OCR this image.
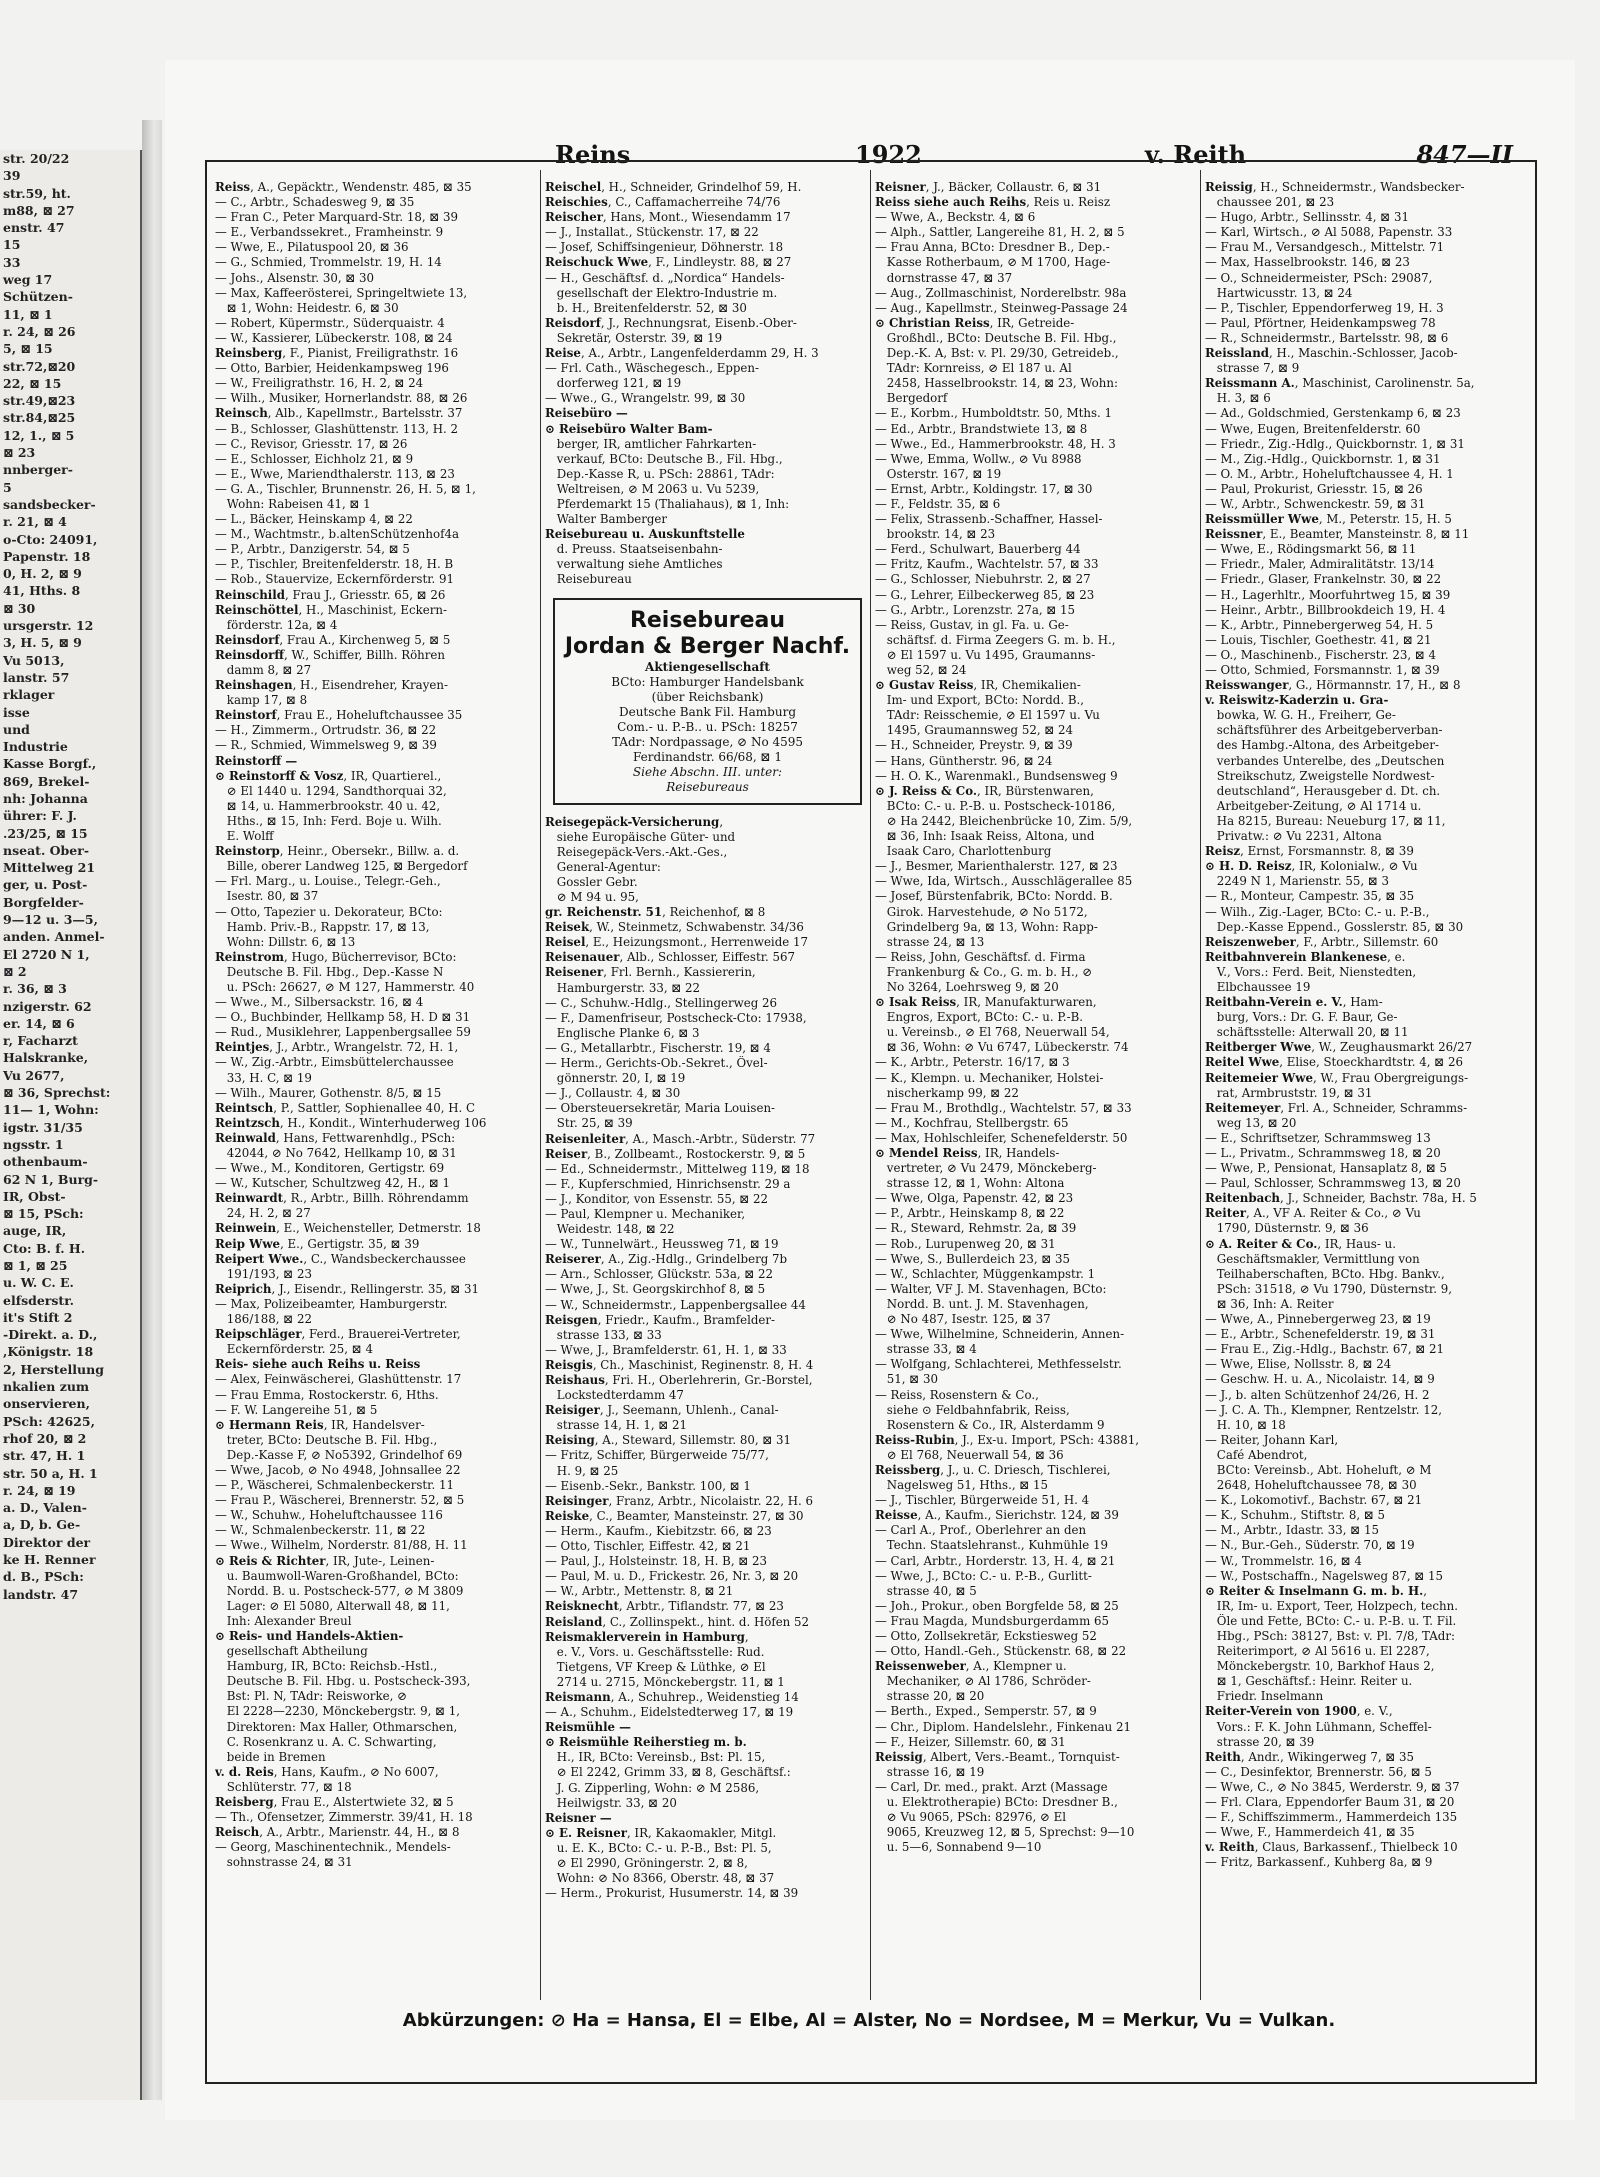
str. 20/22
39
str.59, ht.
m88, ⊠ 27
enstr. 47
15
33
weg 17
Schützen-
11, ⊠ 1
r. 24, ⊠ 26
5, ⊠ 15
str.72,⊠20
22, ⊠ 15
str.49,⊠23
str.84,⊠25
12, 1., ⊠ 5
⊠ 23
nnberger-
5
sandsbecker-
r. 21, ⊠ 4
o-Cto: 24091,
Papenstr. 18
0, H. 2, ⊠ 9
41, Hths. 8
⊠ 30
ursgerstr. 12
3, H. 5, ⊠ 9
Vu 5013,
lanstr. 57
rklager
isse
und
Industrie
Kasse Borgf.,
869, Brekel-
nh: Johanna
ührer: F. J.
.23/25, ⊠ 15
nseat. Ober-
Mittelweg 21
ger, u. Post-
Borgfelder-
9—12 u. 3—5,
anden. Anmel-
El 2720 N 1,
⊠ 2
r. 36, ⊠ 3
nzigerstr. 62
er. 14, ⊠ 6
r, Facharzt
Halskranke,
Vu 2677,
⊠ 36, Sprechst:
11— 1, Wohn:
igstr. 31/35
ngsstr. 1
othenbaum-
62 N 1, Burg-
IR, Obst-
⊠ 15, PSch:
auge, IR,
Cto: B. f. H.
⊠ 1, ⊠ 25
u. W. C. E.
elfsderstr.
it's Stift 2
-Direkt. a. D.,
,Königstr. 18
2, Herstellung
nkalien zum
onservieren,
PSch: 42625,
rhof 20, ⊠ 2
str. 47, H. 1
str. 50 a, H. 1
r. 24, ⊠ 19
a. D., Valen-
a, D, b. Ge-
Direktor der
ke H. Renner
d. B., PSch:
landstr. 47
Reins	1922	v. Reith	847—II

Reiss, A., Gepäcktr., Wendenstr. 485, ⊠ 35

— C., Arbtr., Schadesweg 9, ⊠ 35

— Fran C., Peter Marquard-Str. 18, ⊠ 39

— E., Verbandssekret., Framheinstr. 9

— Wwe, E., Pilatuspool 20, ⊠ 36

— G., Schmied, Trommelstr. 19, H. 14

— Johs., Alsenstr. 30, ⊠ 30

— Max, Kaffeerösterei, Springeltwiete 13,

 ⊠ 1, Wohn: Heidestr. 6, ⊠ 30

— Robert, Küpermstr., Süderquaistr. 4

— W., Kassierer, Lübeckerstr. 108, ⊠ 24

Reinsberg, F., Pianist, Freiligrathstr. 16

— Otto, Barbier, Heidenkampsweg 196

— W., Freiligrathstr. 16, H. 2, ⊠ 24

— Wilh., Musiker, Hornerlandstr. 88, ⊠ 26

Reinsch, Alb., Kapellmstr., Bartelsstr. 37

— B., Schlosser, Glashüttenstr. 113, H. 2

— C., Revisor, Griesstr. 17, ⊠ 26

— E., Schlosser, Eichholz 21, ⊠ 9

— E., Wwe, Mariendthalerstr. 113, ⊠ 23

— G. A., Tischler, Brunnenstr. 26, H. 5, ⊠ 1,

 Wohn: Rabeisen 41, ⊠ 1

— L., Bäcker, Heinskamp 4, ⊠ 22

— M., Wachtmstr., b.altenSchützenhof4a

— P., Arbtr., Danzigerstr. 54, ⊠ 5

— P., Tischler, Breitenfelderstr. 18, H. B

— Rob., Stauervize, Eckernförderstr. 91

Reinschild, Frau J., Griesstr. 65, ⊠ 26

Reinschöttel, H., Maschinist, Eckern-

 förderstr. 12a, ⊠ 4

Reinsdorf, Frau A., Kirchenweg 5, ⊠ 5

Reinsdorff, W., Schiffer, Billh. Röhren

 damm 8, ⊠ 27

Reinshagen, H., Eisendreher, Krayen-

 kamp 17, ⊠ 8

Reinstorf, Frau E., Hoheluftchaussee 35

— H., Zimmerm., Ortrudstr. 36, ⊠ 22

— R., Schmied, Wimmelsweg 9, ⊠ 39

Reinstorff —

⊙ Reinstorff & Vosz, IR, Quartierel.,

 ⊘ El 1440 u. 1294, Sandthorquai 32,

 ⊠ 14, u. Hammerbrookstr. 40 u. 42,

 Hths., ⊠ 15, Inh: Ferd. Boje u. Wilh.

 E. Wolff

Reinstorp, Heinr., Obersekr., Billw. a. d.

 Bille, oberer Landweg 125, ⊠ Bergedorf

— Frl. Marg., u. Louise., Telegr.-Geh.,

 Isestr. 80, ⊠ 37

— Otto, Tapezier u. Dekorateur, BCto:

 Hamb. Priv.-B., Rappstr. 17, ⊠ 13,

 Wohn: Dillstr. 6, ⊠ 13

Reinstrom, Hugo, Bücherrevisor, BCto:

 Deutsche B. Fil. Hbg., Dep.-Kasse N

 u. PSch: 26627, ⊘ M 127, Hammerstr. 40

— Wwe., M., Silbersackstr. 16, ⊠ 4

— O., Buchbinder, Hellkamp 58, H. D ⊠ 31

— Rud., Musiklehrer, Lappenbergsallee 59

Reintjes, J., Arbtr., Wrangelstr. 72, H. 1,

— W., Zig.-Arbtr., Eimsbüttelerchaussee

 33, H. C, ⊠ 19

— Wilh., Maurer, Gothenstr. 8/5, ⊠ 15

Reintsch, P., Sattler, Sophienallee 40, H. C

Reintzsch, H., Kondit., Winterhuderweg 106

Reinwald, Hans, Fettwarenhdlg., PSch:

 42044, ⊘ No 7642, Hellkamp 10, ⊠ 31

— Wwe., M., Konditoren, Gertigstr. 69

— W., Kutscher, Schultzweg 42, H., ⊠ 1

Reinwardt, R., Arbtr., Billh. Röhrendamm

 24, H. 2, ⊠ 27

Reinwein, E., Weichensteller, Detmerstr. 18

Reip Wwe, E., Gertigstr. 35, ⊠ 39

Reipert Wwe., C., Wandsbeckerchaussee

 191/193, ⊠ 23

Reiprich, J., Eisendr., Rellingerstr. 35, ⊠ 31

— Max, Polizeibeamter, Hamburgerstr.

 186/188, ⊠ 22

Reipschläger, Ferd., Brauerei-Vertreter,

 Eckernförderstr. 25, ⊠ 4

Reis- siehe auch Reihs u. Reiss

— Alex, Feinwäscherei, Glashüttenstr. 17

— Frau Emma, Rostockerstr. 6, Hths.

— F. W. Langereihe 51, ⊠ 5

⊙ Hermann Reis, IR, Handelsver-

 treter, BCto: Deutsche B. Fil. Hbg.,

 Dep.-Kasse F, ⊘ No5392, Grindelhof 69

— Wwe, Jacob, ⊘ No 4948, Johnsallee 22

— P., Wäscherei, Schmalenbeckerstr. 11

— Frau P., Wäscherei, Brennerstr. 52, ⊠ 5

— W., Schuhw., Hoheluftchaussee 116

— W., Schmalenbeckerstr. 11, ⊠ 22

— Wwe., Wilhelm, Norderstr. 81/88, H. 11

⊙ Reis & Richter, IR, Jute-, Leinen-

 u. Baumwoll-Waren-Großhandel, BCto:

 Nordd. B. u. Postscheck-577, ⊘ M 3809

 Lager: ⊘ El 5080, Alterwall 48, ⊠ 11,

 Inh: Alexander Breul

⊙ Reis- und Handels-Aktien-

 gesellschaft Abtheilung

 Hamburg, IR, BCto: Reichsb.-Hstl.,

 Deutsche B. Fil. Hbg. u. Postscheck-393,

 Bst: Pl. N, TAdr: Reisworke, ⊘

 El 2228—2230, Mönckebergstr. 9, ⊠ 1,

 Direktoren: Max Haller, Othmarschen,

 C. Rosenkranz u. A. C. Schwarting,

 beide in Bremen

v. d. Reis, Hans, Kaufm., ⊘ No 6007,

 Schlüterstr. 77, ⊠ 18

Reisberg, Frau E., Alstertwiete 32, ⊠ 5

— Th., Ofensetzer, Zimmerstr. 39/41, H. 18

Reisch, A., Arbtr., Marienstr. 44, H., ⊠ 8

— Georg, Maschinentechnik., Mendels-

 sohnstrasse 24, ⊠ 31

Reischel, H., Schneider, Grindelhof 59, H.

Reischies, C., Caffamacherreihe 74/76

Reischer, Hans, Mont., Wiesendamm 17

— J., Installat., Stückenstr. 17, ⊠ 22

— Josef, Schiffsingenieur, Döhnerstr. 18

Reischuck Wwe, F., Lindleystr. 88, ⊠ 27

— H., Geschäftsf. d. „Nordica“ Handels-

 gesellschaft der Elektro-Industrie m.

 b. H., Breitenfelderstr. 52, ⊠ 30

Reisdorf, J., Rechnungsrat, Eisenb.-Ober-

 Sekretär, Osterstr. 39, ⊠ 19

Reise, A., Arbtr., Langenfelderdamm 29, H. 3

— Frl. Cath., Wäschegesch., Eppen-

 dorferweg 121, ⊠ 19

— Wwe., G., Wrangelstr. 99, ⊠ 30

Reisebüro —

⊙ Reisebüro Walter Bam-

 berger, IR, amtlicher Fahrkarten-

 verkauf, BCto: Deutsche B., Fil. Hbg.,

 Dep.-Kasse R, u. PSch: 28861, TAdr:

 Weltreisen, ⊘ M 2063 u. Vu 5239,

 Pferdemarkt 15 (Thaliahaus), ⊠ 1, Inh:

 Walter Bamberger

Reisebureau u. Auskunftstelle

 d. Preuss. Staatseisenbahn-

 verwaltung siehe Amtliches

 Reisebureau

Reisebureau
Jordan & Berger Nachf.
Aktiengesellschaft
BCto: Hamburger Handelsbank
(über Reichsbank)
Deutsche Bank Fil. Hamburg
Com.- u. P.-B.. u. PSch: 18257
TAdr: Nordpassage, ⊘ No 4595
Ferdinandstr. 66/68, ⊠ 1
Siehe Abschn. III. unter:
Reisebureaus

Reisegepäck-Versicherung,

 siehe Europäische Güter- und

 Reisegepäck-Vers.-Akt.-Ges.,

 General-Agentur:

 Gossler Gebr.

 ⊘ M 94 u. 95,

gr. Reichenstr. 51, Reichenhof, ⊠ 8

Reisek, W., Steinmetz, Schwabenstr. 34/36

Reisel, E., Heizungsmont., Herrenweide 17

Reisenauer, Alb., Schlosser, Eiffestr. 567

Reisener, Frl. Bernh., Kassiererin,

 Hamburgerstr. 33, ⊠ 22

— C., Schuhw.-Hdlg., Stellingerweg 26

— F., Damenfriseur, Postscheck-Cto: 17938,

 Englische Planke 6, ⊠ 3

— G., Metallarbtr., Fischerstr. 19, ⊠ 4

— Herm., Gerichts-Ob.-Sekret., Övel-

 gönnerstr. 20, I, ⊠ 19

— J., Collaustr. 4, ⊠ 30

— Obersteuersekretär, Maria Louisen-

 Str. 25, ⊠ 39

Reisenleiter, A., Masch.-Arbtr., Süderstr. 77

Reiser, B., Zollbeamt., Rostockerstr. 9, ⊠ 5

— Ed., Schneidermstr., Mittelweg 119, ⊠ 18

— F., Kupferschmied, Hinrichsenstr. 29 a

— J., Konditor, von Essenstr. 55, ⊠ 22

— Paul, Klempner u. Mechaniker,

 Weidestr. 148, ⊠ 22

— W., Tunnelwärt., Heussweg 71, ⊠ 19

Reiserer, A., Zig.-Hdlg., Grindelberg 7b

— Arn., Schlosser, Glückstr. 53a, ⊠ 22

— Wwe, J., St. Georgskirchhof 8, ⊠ 5

— W., Schneidermstr., Lappenbergsallee 44

Reisgen, Friedr., Kaufm., Bramfelder-

 strasse 133, ⊠ 33

— Wwe, J., Bramfelderstr. 61, H. 1, ⊠ 33

Reisgis, Ch., Maschinist, Reginenstr. 8, H. 4

Reishaus, Fri. H., Oberlehrerin, Gr.-Borstel,

 Lockstedterdamm 47

Reisiger, J., Seemann, Uhlenh., Canal-

 strasse 14, H. 1, ⊠ 21

Reising, A., Steward, Sillemstr. 80, ⊠ 31

— Fritz, Schiffer, Bürgerweide 75/77,

 H. 9, ⊠ 25

— Eisenb.-Sekr., Bankstr. 100, ⊠ 1

Reisinger, Franz, Arbtr., Nicolaistr. 22, H. 6

Reiske, C., Beamter, Mansteinstr. 27, ⊠ 30

— Herm., Kaufm., Kiebitzstr. 66, ⊠ 23

— Otto, Tischler, Eiffestr. 42, ⊠ 21

— Paul, J., Holsteinstr. 18, H. B, ⊠ 23

— Paul, M. u. D., Frickestr. 26, Nr. 3, ⊠ 20

— W., Arbtr., Mettenstr. 8, ⊠ 21

Reisknecht, Arbtr., Tiflandstr. 77, ⊠ 23

Reisland, C., Zollinspekt., hint. d. Höfen 52

Reismaklerverein in Hamburg,

 e. V., Vors. u. Geschäftsstelle: Rud.

 Tietgens, VF Kreep & Lüthke, ⊘ El

 2714 u. 2715, Mönckebergstr. 11, ⊠ 1

Reismann, A., Schuhrep., Weidenstieg 14

— A., Schuhm., Eidelstedterweg 17, ⊠ 19

Reismühle —

⊙ Reismühle Reiherstieg m. b.

 H., IR, BCto: Vereinsb., Bst: Pl. 15,

 ⊘ El 2242, Grimm 33, ⊠ 8, Geschäftsf.:

 J. G. Zipperling, Wohn: ⊘ M 2586,

 Heilwigstr. 33, ⊠ 20

Reisner —

⊙ E. Reisner, IR, Kakaomakler, Mitgl.

 u. E. K., BCto: C.- u. P.-B., Bst: Pl. 5,

 ⊘ El 2990, Gröningerstr. 2, ⊠ 8,

 Wohn: ⊘ No 8366, Oberstr. 48, ⊠ 37

— Herm., Prokurist, Husumerstr. 14, ⊠ 39

Reisner, J., Bäcker, Collaustr. 6, ⊠ 31

Reiss siehe auch Reihs, Reis u. Reisz

— Wwe, A., Beckstr. 4, ⊠ 6

— Alph., Sattler, Langereihe 81, H. 2, ⊠ 5

— Frau Anna, BCto: Dresdner B., Dep.-

 Kasse Rotherbaum, ⊘ M 1700, Hage-

 dornstrasse 47, ⊠ 37

— Aug., Zollmaschinist, Norderelbstr. 98a

— Aug., Kapellmstr., Steinweg-Passage 24

⊙ Christian Reiss, IR, Getreide-

 Großhdl., BCto: Deutsche B. Fil. Hbg.,

 Dep.-K. A, Bst: v. Pl. 29/30, Getreideb.,

 TAdr: Kornreiss, ⊘ El 187 u. Al

 2458, Hasselbrookstr. 14, ⊠ 23, Wohn:

 Bergedorf

— E., Korbm., Humboldtstr. 50, Mths. 1

— Ed., Arbtr., Brandstwiete 13, ⊠ 8

— Wwe., Ed., Hammerbrookstr. 48, H. 3

— Wwe, Emma, Wollw., ⊘ Vu 8988

 Osterstr. 167, ⊠ 19

— Ernst, Arbtr., Koldingstr. 17, ⊠ 30

— F., Feldstr. 35, ⊠ 6

— Felix, Strassenb.-Schaffner, Hassel-

 brookstr. 14, ⊠ 23

— Ferd., Schulwart, Bauerberg 44

— Fritz, Kaufm., Wachtelstr. 57, ⊠ 33

— G., Schlosser, Niebuhrstr. 2, ⊠ 27

— G., Lehrer, Eilbeckerweg 85, ⊠ 23

— G., Arbtr., Lorenzstr. 27a, ⊠ 15

— Reiss, Gustav, in gl. Fa. u. Ge-

 schäftsf. d. Firma Zeegers G. m. b. H.,

 ⊘ El 1597 u. Vu 1495, Graumanns-

 weg 52, ⊠ 24

⊙ Gustav Reiss, IR, Chemikalien-

 Im- und Export, BCto: Nordd. B.,

 TAdr: Reisschemie, ⊘ El 1597 u. Vu

 1495, Graumannsweg 52, ⊠ 24

— H., Schneider, Preystr. 9, ⊠ 39

— Hans, Güntherstr. 96, ⊠ 24

— H. O. K., Warenmakl., Bundsensweg 9

⊙ J. Reiss & Co., IR, Bürstenwaren,

 BCto: C.- u. P.-B. u. Postscheck-10186,

 ⊘ Ha 2442, Bleichenbrücke 10, Zim. 5/9,

 ⊠ 36, Inh: Isaak Reiss, Altona, und

 Isaak Caro, Charlottenburg

— J., Besmer, Marienthalerstr. 127, ⊠ 23

— Wwe, Ida, Wirtsch., Ausschlägerallee 85

— Josef, Bürstenfabrik, BCto: Nordd. B.

 Girok. Harvestehude, ⊘ No 5172,

 Grindelberg 9a, ⊠ 13, Wohn: Rapp-

 strasse 24, ⊠ 13

— Reiss, John, Geschäftsf. d. Firma

 Frankenburg & Co., G. m. b. H., ⊘

 No 3264, Loehrsweg 9, ⊠ 20

⊙ Isak Reiss, IR, Manufakturwaren,

 Engros, Export, BCto: C.- u. P.-B.

 u. Vereinsb., ⊘ El 768, Neuerwall 54,

 ⊠ 36, Wohn: ⊘ Vu 6747, Lübeckerstr. 74

— K., Arbtr., Peterstr. 16/17, ⊠ 3

— K., Klempn. u. Mechaniker, Holstei-

 nischerkamp 99, ⊠ 22

— Frau M., Brothdlg., Wachtelstr. 57, ⊠ 33

— M., Kochfrau, Stellbergstr. 65

— Max, Hohlschleifer, Schenefelderstr. 50

⊙ Mendel Reiss, IR, Handels-

 vertreter, ⊘ Vu 2479, Mönckeberg-

 strasse 12, ⊠ 1, Wohn: Altona

— Wwe, Olga, Papenstr. 42, ⊠ 23

— P., Arbtr., Heinskamp 8, ⊠ 22

— R., Steward, Rehmstr. 2a, ⊠ 39

— Rob., Lurupenweg 20, ⊠ 31

— Wwe, S., Bullerdeich 23, ⊠ 35

— W., Schlachter, Müggenkampstr. 1

— Walter, VF J. M. Stavenhagen, BCto:

 Nordd. B. unt. J. M. Stavenhagen,

 ⊘ No 487, Isestr. 125, ⊠ 37

— Wwe, Wilhelmine, Schneiderin, Annen-

 strasse 33, ⊠ 4

— Wolfgang, Schlachterei, Methfesselstr.

 51, ⊠ 30

— Reiss, Rosenstern & Co.,

 siehe ⊙ Feldbahnfabrik, Reiss,

 Rosenstern & Co., IR, Alsterdamm 9

Reiss-Rubin, J., Ex-u. Import, PSch: 43881,

 ⊘ El 768, Neuerwall 54, ⊠ 36

Reissberg, J., u. C. Driesch, Tischlerei,

 Nagelsweg 51, Hths., ⊠ 15

— J., Tischler, Bürgerweide 51, H. 4

Reisse, A., Kaufm., Sierichstr. 124, ⊠ 39

— Carl A., Prof., Oberlehrer an den

 Techn. Staatslehranst., Kuhmühle 19

— Carl, Arbtr., Horderstr. 13, H. 4, ⊠ 21

— Wwe, J., BCto: C.- u. P.-B., Gurlitt-

 strasse 40, ⊠ 5

— Joh., Prokur., oben Borgfelde 58, ⊠ 25

— Frau Magda, Mundsburgerdamm 65

— Otto, Zollsekretär, Eckstiesweg 52

— Otto, Handl.-Geh., Stückenstr. 68, ⊠ 22

Reissenweber, A., Klempner u.

 Mechaniker, ⊘ Al 1786, Schröder-

 strasse 20, ⊠ 20

— Berth., Exped., Semperstr. 57, ⊠ 9

— Chr., Diplom. Handelslehr., Finkenau 21

— F., Heizer, Sillemstr. 60, ⊠ 31

Reissig, Albert, Vers.-Beamt., Tornquist-

 strasse 16, ⊠ 19

— Carl, Dr. med., prakt. Arzt (Massage

 u. Elektrotherapie) BCto: Dresdner B.,

 ⊘ Vu 9065, PSch: 82976, ⊘ El

 9065, Kreuzweg 12, ⊠ 5, Sprechst: 9—10

 u. 5—6, Sonnabend 9—10

Reissig, H., Schneidermstr., Wandsbecker-

 chaussee 201, ⊠ 23

— Hugo, Arbtr., Sellinsstr. 4, ⊠ 31

— Karl, Wirtsch., ⊘ Al 5088, Papenstr. 33

— Frau M., Versandgesch., Mittelstr. 71

— Max, Hasselbrookstr. 146, ⊠ 23

— O., Schneidermeister, PSch: 29087,

 Hartwicusstr. 13, ⊠ 24

— P., Tischler, Eppendorferweg 19, H. 3

— Paul, Pförtner, Heidenkampsweg 78

— R., Schneidermstr., Bartelsstr. 98, ⊠ 6

Reissland, H., Maschin.-Schlosser, Jacob-

 strasse 7, ⊠ 9

Reissmann A., Maschinist, Carolinenstr. 5a,

 H. 3, ⊠ 6

— Ad., Goldschmied, Gerstenkamp 6, ⊠ 23

— Wwe, Eugen, Breitenfelderstr. 60

— Friedr., Zig.-Hdlg., Quickbornstr. 1, ⊠ 31

— M., Zig.-Hdlg., Quickbornstr. 1, ⊠ 31

— O. M., Arbtr., Hoheluftchaussee 4, H. 1

— Paul, Prokurist, Griesstr. 15, ⊠ 26

— W., Arbtr., Schwenckestr. 59, ⊠ 31

Reissmüller Wwe, M., Peterstr. 15, H. 5

Reissner, E., Beamter, Mansteinstr. 8, ⊠ 11

— Wwe, E., Rödingsmarkt 56, ⊠ 11

— Friedr., Maler, Admiralitätstr. 13/14

— Friedr., Glaser, Frankelnstr. 30, ⊠ 22

— H., Lagerhltr., Moorfuhrtweg 15, ⊠ 39

— Heinr., Arbtr., Billbrookdeich 19, H. 4

— K., Arbtr., Pinnebergerweg 54, H. 5

— Louis, Tischler, Goethestr. 41, ⊠ 21

— O., Maschinenb., Fischerstr. 23, ⊠ 4

— Otto, Schmied, Forsmannstr. 1, ⊠ 39

Reisswanger, G., Hörmannstr. 17, H., ⊠ 8

v. Reiswitz-Kaderzin u. Gra-

 bowka, W. G. H., Freiherr, Ge-

 schäftsführer des Arbeitgeberverban-

 des Hambg.-Altona, des Arbeitgeber-

 verbandes Unterelbe, des „Deutschen

 Streikschutz, Zweigstelle Nordwest-

 deutschland“, Herausgeber d. Dt. ch.

 Arbeitgeber-Zeitung, ⊘ Al 1714 u.

 Ha 8215, Bureau: Neueburg 17, ⊠ 11,

 Privatw.: ⊘ Vu 2231, Altona

Reisz, Ernst, Forsmannstr. 8, ⊠ 39

⊙ H. D. Reisz, IR, Kolonialw., ⊘ Vu

 2249 N 1, Marienstr. 55, ⊠ 3

— R., Monteur, Campestr. 35, ⊠ 35

— Wilh., Zig.-Lager, BCto: C.- u. P.-B.,

 Dep.-Kasse Eppend., Gosslerstr. 85, ⊠ 30

Reiszenweber, F., Arbtr., Sillemstr. 60

Reitbahnverein Blankenese, e.

 V., Vors.: Ferd. Beit, Nienstedten,

 Elbchaussee 19

Reitbahn-Verein e. V., Ham-

 burg, Vors.: Dr. G. F. Baur, Ge-

 schäftsstelle: Alterwall 20, ⊠ 11

Reitberger Wwe, W., Zeughausmarkt 26/27

Reitel Wwe, Elise, Stoeckhardtstr. 4, ⊠ 26

Reitemeier Wwe, W., Frau Obergreigungs-

 rat, Armbruststr. 19, ⊠ 31

Reitemeyer, Frl. A., Schneider, Schramms-

 weg 13, ⊠ 20

— E., Schriftsetzer, Schrammsweg 13

— L., Privatm., Schrammsweg 18, ⊠ 20

— Wwe, P., Pensionat, Hansaplatz 8, ⊠ 5

— Paul, Schlosser, Schrammsweg 13, ⊠ 20

Reitenbach, J., Schneider, Bachstr. 78a, H. 5

Reiter, A., VF A. Reiter & Co., ⊘ Vu

 1790, Düsternstr. 9, ⊠ 36

⊙ A. Reiter & Co., IR, Haus- u.

 Geschäftsmakler, Vermittlung von

 Teilhaberschaften, BCto. Hbg. Bankv.,

 PSch: 31518, ⊘ Vu 1790, Düsternstr. 9,

 ⊠ 36, Inh: A. Reiter

— Wwe, A., Pinnebergerweg 23, ⊠ 19

— E., Arbtr., Schenefelderstr. 19, ⊠ 31

— Frau E., Zig.-Hdlg., Bachstr. 67, ⊠ 21

— Wwe, Elise, Nollsstr. 8, ⊠ 24

— Geschw. H. u. A., Nicolaistr. 14, ⊠ 9

— J., b. alten Schützenhof 24/26, H. 2

— J. C. A. Th., Klempner, Rentzelstr. 12,

 H. 10, ⊠ 18

— Reiter, Johann Karl,

 Café Abendrot,

 BCto: Vereinsb., Abt. Hoheluft, ⊘ M

 2648, Hoheluftchaussee 78, ⊠ 30

— K., Lokomotivf., Bachstr. 67, ⊠ 21

— K., Schuhm., Stiftstr. 8, ⊠ 5

— M., Arbtr., Idastr. 33, ⊠ 15

— N., Bur.-Geh., Süderstr. 70, ⊠ 19

— W., Trommelstr. 16, ⊠ 4

— W., Postschaffn., Nagelsweg 87, ⊠ 15

⊙ Reiter & Inselmann G. m. b. H.,

 IR, Im- u. Export, Teer, Holzpech, techn.

 Öle und Fette, BCto: C.- u. P.-B. u. T. Fil.

 Hbg., PSch: 38127, Bst: v. Pl. 7/8, TAdr:

 Reiterimport, ⊘ Al 5616 u. El 2287,

 Mönckebergstr. 10, Barkhof Haus 2,

 ⊠ 1, Geschäftsf.: Heinr. Reiter u.

 Friedr. Inselmann

Reiter-Verein von 1900, e. V.,

 Vors.: F. K. John Lühmann, Scheffel-

 strasse 20, ⊠ 39

Reith, Andr., Wikingerweg 7, ⊠ 35

— C., Desinfektor, Brennerstr. 56, ⊠ 5

— Wwe, C., ⊘ No 3845, Werderstr. 9, ⊠ 37

— Frl. Clara, Eppendorfer Baum 31, ⊠ 20

— F., Schiffszimmerm., Hammerdeich 135

— Wwe, F., Hammerdeich 41, ⊠ 35

v. Reith, Claus, Barkassenf., Thielbeck 10

— Fritz, Barkassenf., Kuhberg 8a, ⊠ 9

Abkürzungen: ⊘ Ha = Hansa, El = Elbe, Al = Alster, No = Nordsee, M = Merkur, Vu = Vulkan.
